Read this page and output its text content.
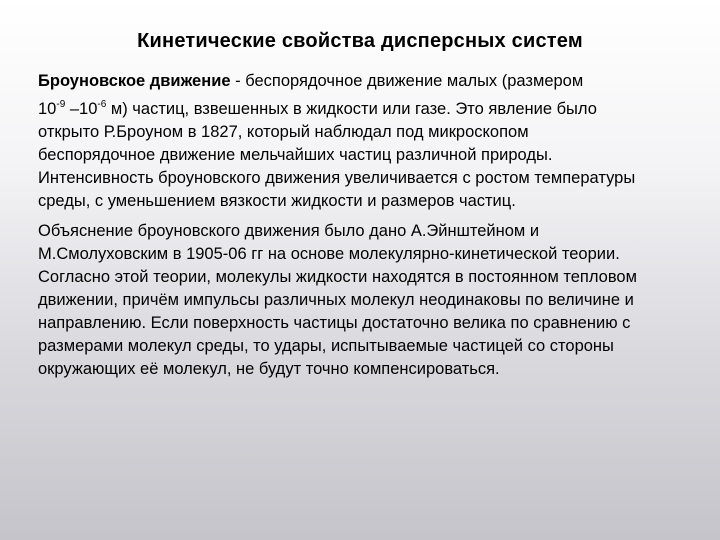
Кинетические свойства дисперсных систем
Броуновское движение ‑ беспорядочное движение малых (размером
$10^{-9}$ $-10^{-6}$ м) частиц, взвешенных в жидкости или газе. Это явление было
открыто Р.Броуном в 1827, который наблюдал под микроскопом
беспорядочное движение мельчайших частиц различной природы.
Интенсивность броуновского движения увеличивается с ростом температуры
среды, с уменьшением вязкости жидкости и размеров частиц.
Объяснение броуновского движения было дано А.Эйнштейном и
М.Смолуховским в 1905-06 гг на основе молекулярно-кинетической теории.
Согласно этой теории, молекулы жидкости находятся в постоянном тепловом
движении, причём импульсы различных молекул неодинаковы по величине и
направлению. Если поверхность частицы достаточно велика по сравнению с
размерами молекул среды, то удары, испытываемые частицей со стороны
окружающих её молекул, не будут точно компенсироваться.
